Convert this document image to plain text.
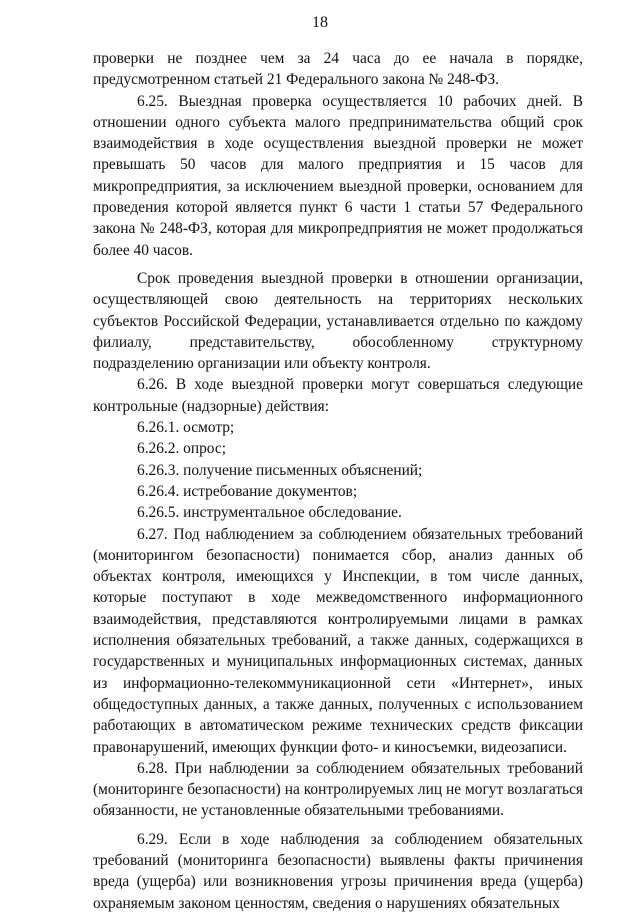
18

проверки не позднее чем за 24 часа до ее начала в порядке, предусмотренном статьей 21 Федерального закона № 248-ФЗ.

6.25. Выездная проверка осуществляется 10 рабочих дней. В отношении одного субъекта малого предпринимательства общий срок взаимодействия в ходе осуществления выездной проверки не может превышать 50 часов для малого предприятия и 15 часов для микропредприятия, за исключением выездной проверки, основанием для проведения которой является пункт 6 части 1 статьи 57 Федерального закона № 248-ФЗ, которая для микропредприятия не может продолжаться более 40 часов.

Срок проведения выездной проверки в отношении организации, осуществляющей свою деятельность на территориях нескольких субъектов Российской Федерации, устанавливается отдельно по каждому филиалу, представительству, обособленному структурному подразделению организации или объекту контроля.

6.26. В ходе выездной проверки могут совершаться следующие контрольные (надзорные) действия:

6.26.1. осмотр;

6.26.2. опрос;

6.26.3. получение письменных объяснений;

6.26.4. истребование документов;

6.26.5. инструментальное обследование.

6.27. Под наблюдением за соблюдением обязательных требований (мониторингом безопасности) понимается сбор, анализ данных об объектах контроля, имеющихся у Инспекции, в том числе данных, которые поступают в ходе межведомственного информационного взаимодействия, представляются контролируемыми лицами в рамках исполнения обязательных требований, а также данных, содержащихся в государственных и муниципальных информационных системах, данных из информационно-телекоммуникационной сети «Интернет», иных общедоступных данных, а также данных, полученных с использованием работающих в автоматическом режиме технических средств фиксации правонарушений, имеющих функции фото- и киносъемки, видеозаписи.

6.28. При наблюдении за соблюдением обязательных требований (мониторинге безопасности) на контролируемых лиц не могут возлагаться обязанности, не установленные обязательными требованиями.

6.29. Если в ходе наблюдения за соблюдением обязательных требований (мониторинга безопасности) выявлены факты причинения вреда (ущерба) или возникновения угрозы причинения вреда (ущерба) охраняемым законом ценностям, сведения о нарушениях обязательных
